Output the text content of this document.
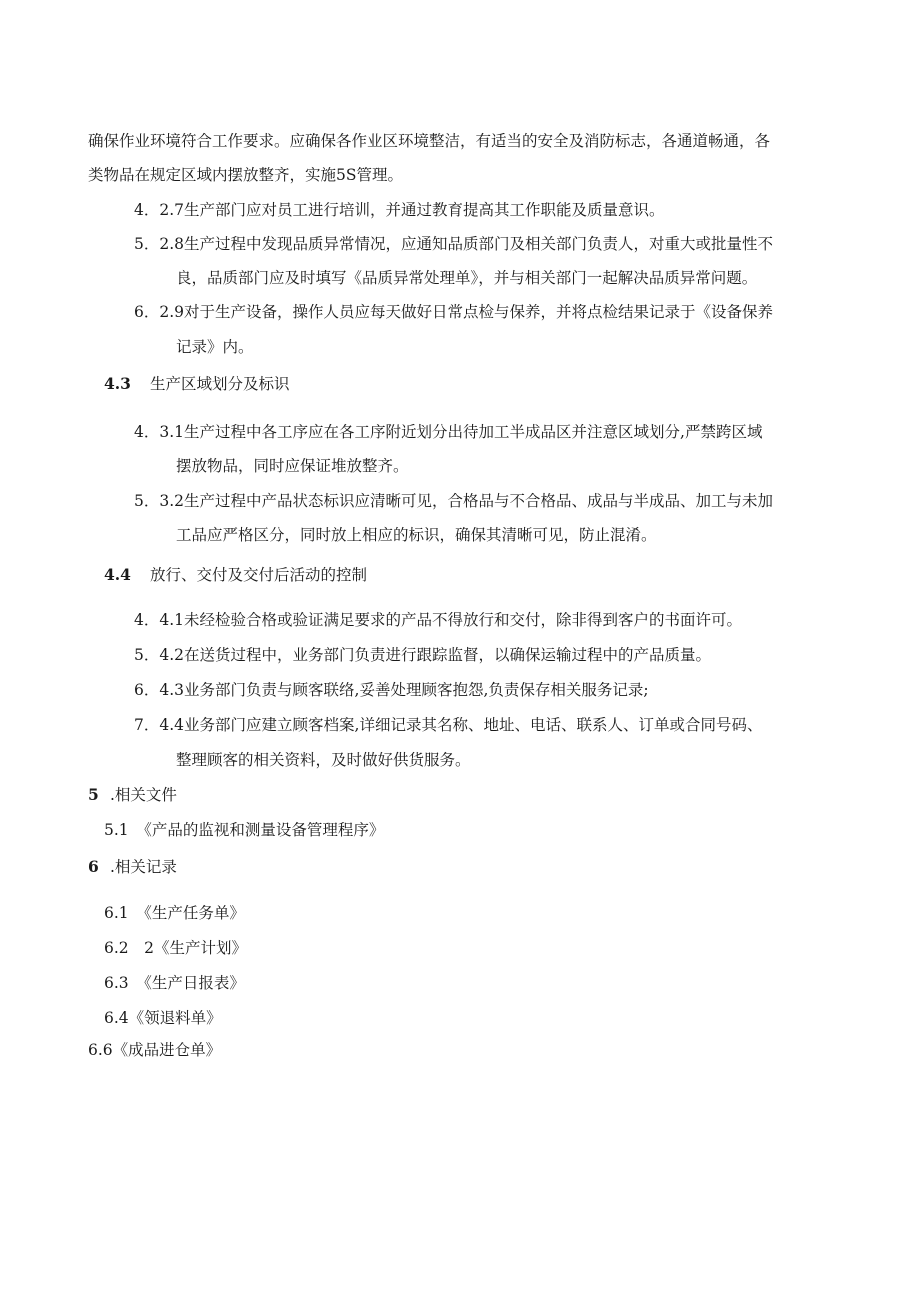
确保作业环境符合工作要求。应确保各作业区环境整洁，有适当的安全及消防标志，各通道畅通，各
类物品在规定区域内摆放整齐，实施5S管理。
4．2.7生产部门应对员工进行培训，并通过教育提高其工作职能及质量意识。
5．2.8生产过程中发现品质异常情况，应通知品质部门及相关部门负责人，对重大或批量性不
良，品质部门应及时填写《品质异常处理单》，并与相关部门一起解决品质异常问题。
6．2.9对于生产设备，操作人员应每天做好日常点检与保养，并将点检结果记录于《设备保养
记录》内。
4.3 生产区域划分及标识
4．3.1生产过程中各工序应在各工序附近划分出待加工半成品区并注意区域划分,严禁跨区域
摆放物品，同时应保证堆放整齐。
5．3.2生产过程中产品状态标识应清晰可见，合格品与不合格品、成品与半成品、加工与未加
工品应严格区分，同时放上相应的标识，确保其清晰可见，防止混淆。
4.4 放行、交付及交付后活动的控制
4．4.1未经检验合格或验证满足要求的产品不得放行和交付，除非得到客户的书面许可。
5．4.2在送货过程中，业务部门负责进行跟踪监督，以确保运输过程中的产品质量。
6．4.3业务部门负责与顾客联络,妥善处理顾客抱怨,负责保存相关服务记录;
7．4.4业务部门应建立顾客档案,详细记录其名称、地址、电话、联系人、订单或合同号码、
整理顾客的相关资料，及时做好供货服务。
5 .相关文件
5.1　《产品的监视和测量设备管理程序》
6 .相关记录
6.1　《生产任务单》
6.2　2《生产计划》
6.3　《生产日报表》
6.4《领退料单》
6.6《成品进仓单》
